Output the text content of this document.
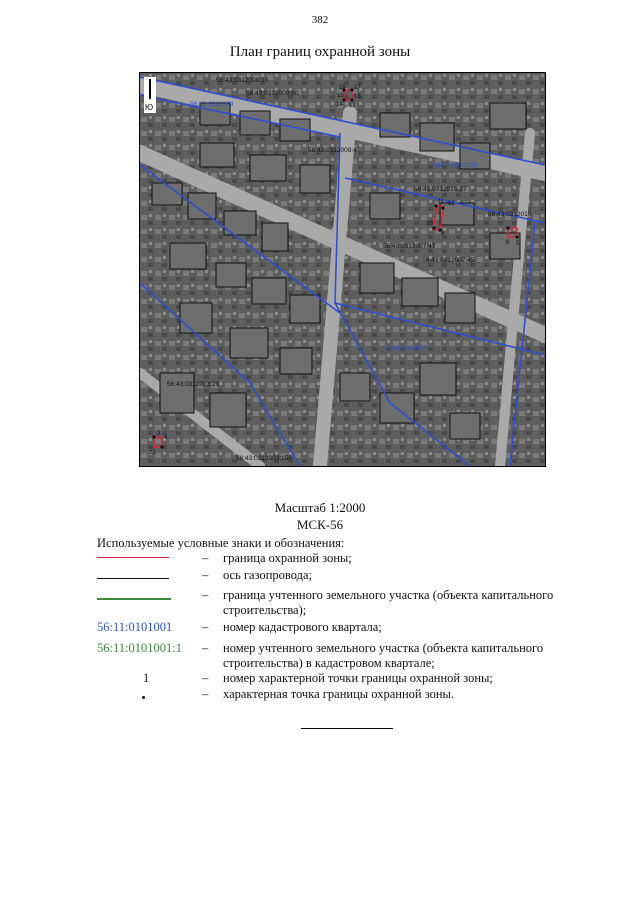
382
План границ охранной зоны
Ю	56:43:0312009
56:43:0312010
56:43:0312007
56:43:0312010
56:43:0312009:10
56:43:0312009:50
56:43:0312009:4
56:43:0312010:27
56:43:0312007:47
56:43:0312007:45
56:43:0312003:29
56:43:0312003:156
16 17
15 18
14 13
11 12
10
9
3
4
6 5
21
Масштаб 1:2000
МСК-56
Используемые условные знаки и обозначения:
– граница охранной зоны;
– ось газопровода;
– граница учтенного земельного участка (объекта капитального строительства);
56:11:0101001 – номер кадастрового квартала;
56:11:0101001:1	– номер учтенного земельного участка (объекта капитального строительства) в кадастровом квартале;
1	– номер характерной точки границы охранной зоны;
– характерная точка границы охранной зоны.
